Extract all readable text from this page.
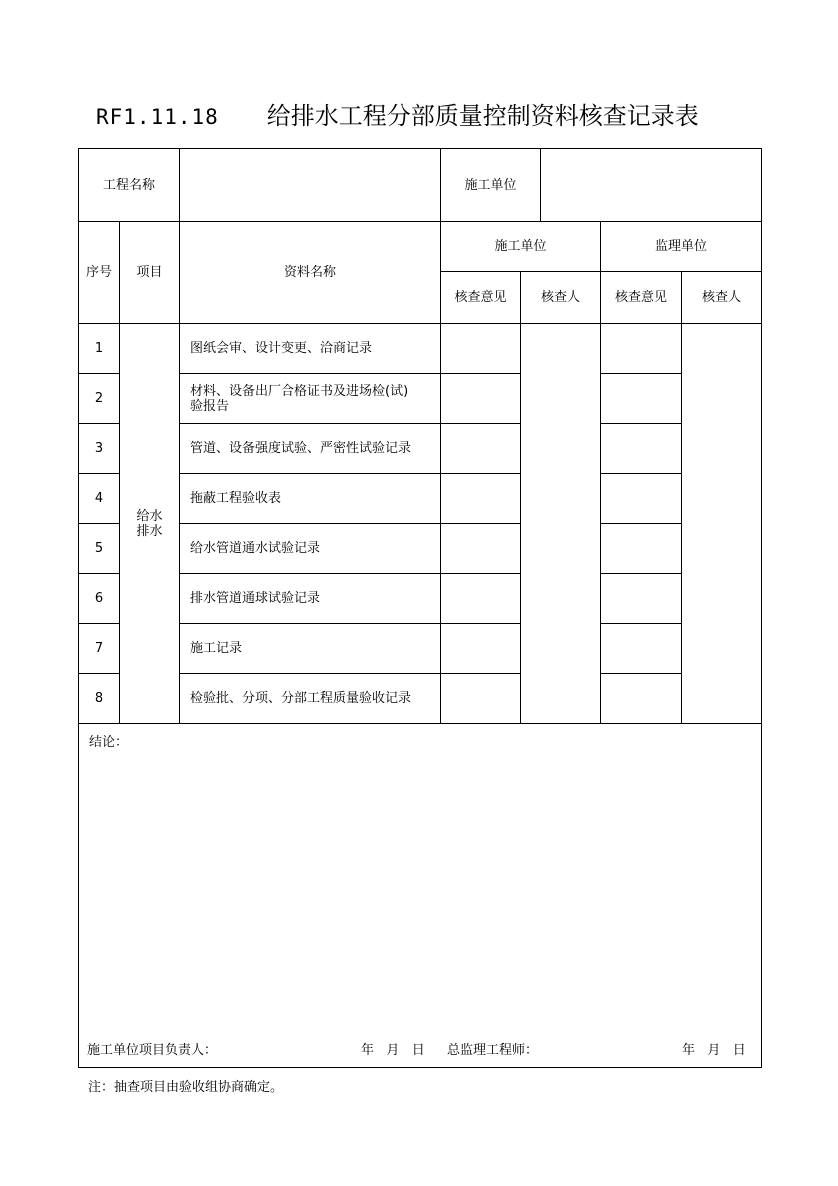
RF1.11.18 给排水工程分部质量控制资料核查记录表
工程名称	施工单位
序号	项目	资料名称
施工单位	监理单位
核查意见	核查人	核查意见	核查人
给水
排水
1	图纸会审、设计变更、洽商记录
2	材料、设备出厂合格证书及进场检(试)
验报告
3	管道、设备强度试验、严密性试验记录
4	拖蔽工程验收表
5	给水管道通水试验记录
6	排水管道通球试验记录
7	施工记录
8	检验批、分项、分部工程质量验收记录
结论：
施工单位项目负责人：	年   月   日 总监理工程师：	年   月   日
注：抽查项目由验收组协商确定。
